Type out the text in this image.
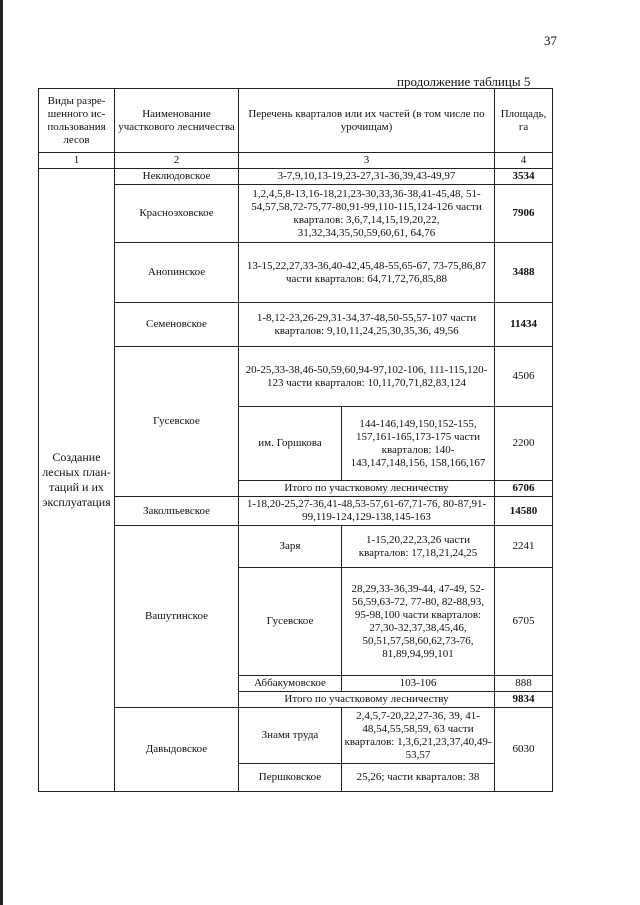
37
продолжение таблицы 5
Виды разре-шенного ис-пользования лесов	Наименование участкового лесничества	Перечень кварталов или их частей (в том числе по урочищам)		Площадь, га
1	2	3		4
Создание лесных план-таций и их эксплуатация	Неклюдовское	3-7,9,10,13-19,23-27,31-36,39,43-49,97		3534
	Красноэховское	1,2,4,5,8-13,16-18,21,23-30,33,36-38,41-45,48, 51-54,57,58,72-75,77-80,91-99,110-115,124-126 части кварталов: 3,6,7,14,15,19,20,22, 31,32,34,35,50,59,60,61, 64,76		7906
	Анопинское	13-15,22,27,33-36,40-42,45,48-55,65-67, 73-75,86,87 части кварталов: 64,71,72,76,85,88		3488
	Семеновское	1-8,12-23,26-29,31-34,37-48,50-55,57-107 части кварталов: 9,10,11,24,25,30,35,36, 49,56		11434
	Гусевское	20-25,33-38,46-50,59,60,94-97,102-106, 111-115,120-123 части кварталов: 10,11,70,71,82,83,124		4506
		им. Горшкова	144-146,149,150,152-155, 157,161-165,173-175 части кварталов: 140-143,147,148,156, 158,166,167	2200
		Итого по участковому лесничеству		6706
	Заколпьевское	1-18,20-25,27-36,41-48,53-57,61-67,71-76, 80-87,91-99,119-124,129-138,145-163		14580
	Вашутинское	Заря	1-15,20,22,23,26 части кварталов: 17,18,21,24,25	2241
		Гусевское	28,29,33-36,39-44, 47-49, 52-56,59,63-72, 77-80, 82-88,93, 95-98,100 части кварталов: 27,30-32,37,38,45,46, 50,51,57,58,60,62,73-76, 81,89,94,99,101	6705
		Аббакумовское	103-106	888
		Итого по участковому лесничеству		9834
	Давыдовское	Знамя труда	2,4,5,7-20,22,27-36, 39, 41-48,54,55,58,59, 63 части кварталов: 1,3,6,21,23,37,40,49-53,57	6030
		Першковское	25,26; части кварталов: 38	
